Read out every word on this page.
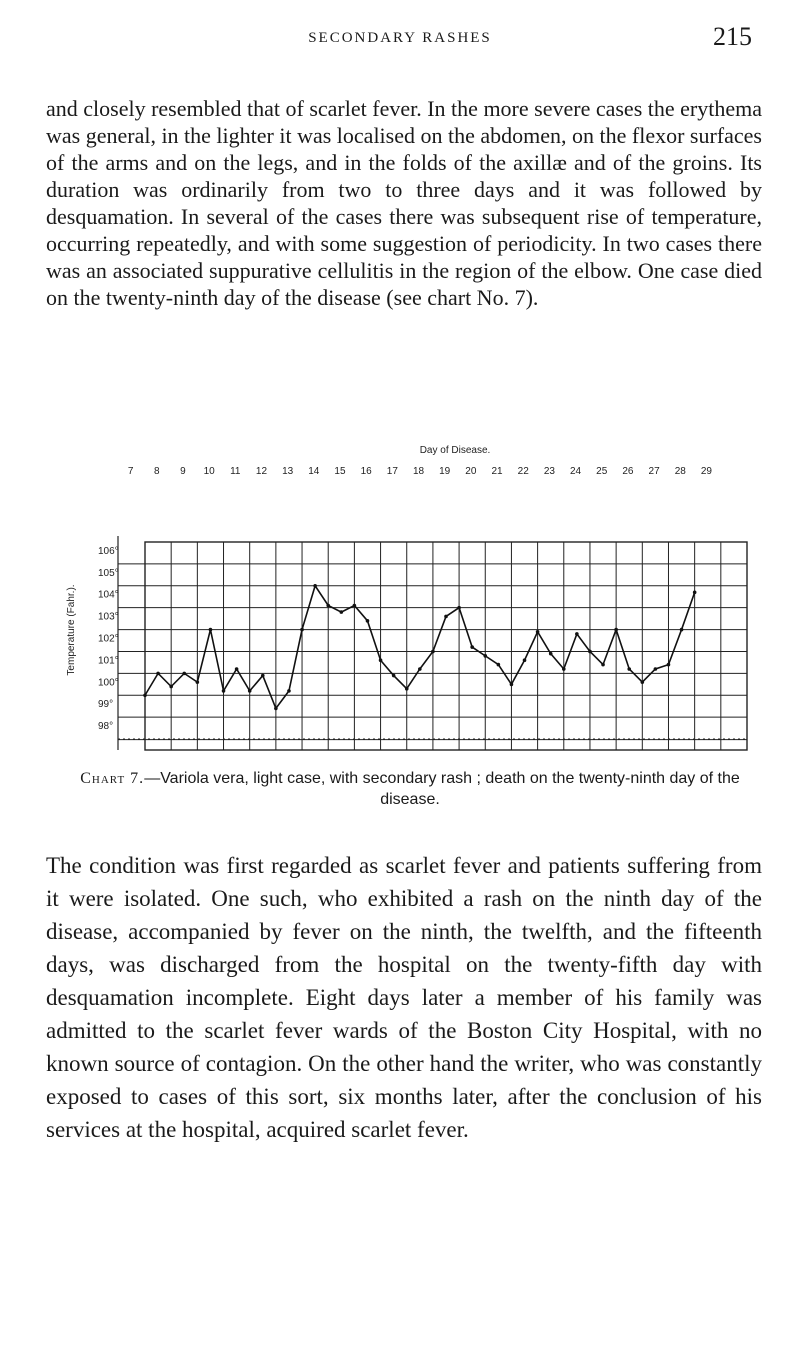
SECONDARY RASHES	215

and closely resembled that of scarlet fever. In the more severe cases the erythema was general, in the lighter it was localised on the abdomen, on the flexor surfaces of the arms and on the legs, and in the folds of the axillæ and of the groins. Its duration was ordinarily from two to three days and it was followed by desquamation. In several of the cases there was subsequent rise of temperature, occurring repeatedly, and with some suggestion of periodicity. In two cases there was an associated suppurative cellulitis in the region of the elbow. One case died on the twenty-ninth day of the disease (see chart No. 7).

Day of Disease.
7 8 9 10 11 12 13 14 15 16 17 18 19 20 21 22 23 24 25 26 27 28 29
106°
105°
104°
103°
102°
101°
100°
99°
98°
Temperature (Fahr.).
Chart 7.—Variola vera, light case, with secondary rash ; death on the twenty-ninth day of the disease.

The condition was first regarded as scarlet fever and patients suffering from it were isolated. One such, who exhibited a rash on the ninth day of the disease, accompanied by fever on the ninth, the twelfth, and the fifteenth days, was discharged from the hospital on the twenty-fifth day with desquamation incomplete. Eight days later a member of his family was admitted to the scarlet fever wards of the Boston City Hospital, with no known source of contagion. On the other hand the writer, who was constantly exposed to cases of this sort, six months later, after the conclusion of his services at the hospital, acquired scarlet fever.
